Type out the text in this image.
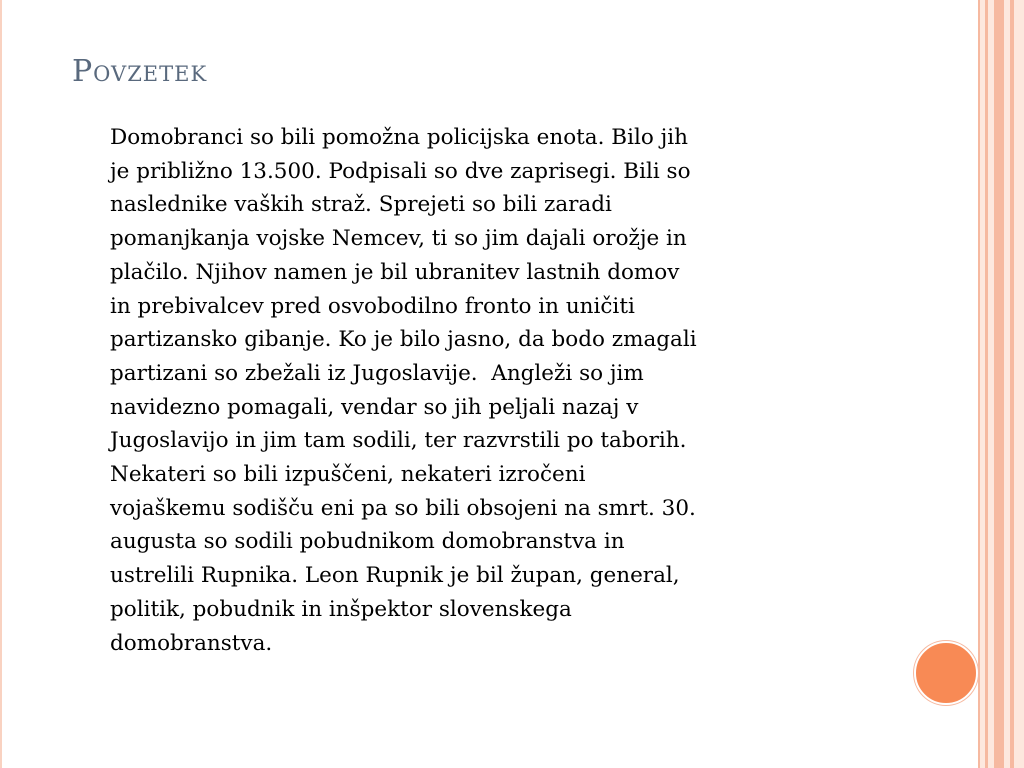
Povzetek
Domobranci so bili pomožna policijska enota. Bilo jih
je približno 13.500. Podpisali so dve zaprisegi. Bili so
naslednike vaških straž. Sprejeti so bili zaradi
pomanjkanja vojske Nemcev, ti so jim dajali orožje in
plačilo. Njihov namen je bil ubranitev lastnih domov
in prebivalcev pred osvobodilno fronto in uničiti
partizansko gibanje. Ko je bilo jasno, da bodo zmagali
partizani so zbežali iz Jugoslavije.  Angleži so jim
navidezno pomagali, vendar so jih peljali nazaj v
Jugoslavijo in jim tam sodili, ter razvrstili po taborih.
Nekateri so bili izpuščeni, nekateri izročeni
vojaškemu sodišču eni pa so bili obsojeni na smrt. 30.
augusta so sodili pobudnikom domobranstva in
ustrelili Rupnika. Leon Rupnik je bil župan, general,
politik, pobudnik in inšpektor slovenskega
domobranstva.
